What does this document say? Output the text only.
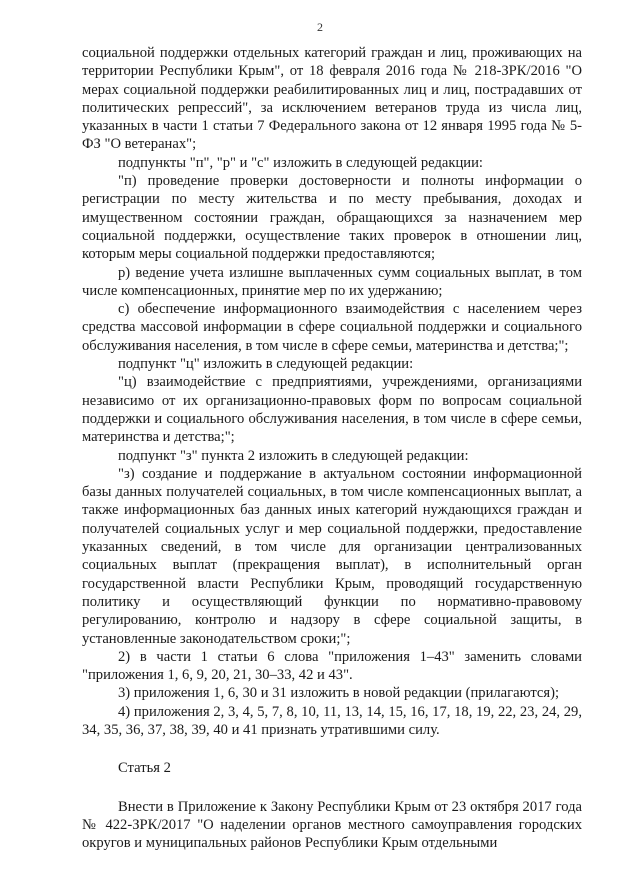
2

социальной поддержки отдельных категорий граждан и лиц, проживающих на территории Республики Крым", от 18 февраля 2016 года № 218-ЗРК/2016 "О мерах социальной поддержки реабилитированных лиц и лиц, пострадавших от политических репрессий", за исключением ветеранов труда из числа лиц, указанных в части 1 статьи 7 Федерального закона от 12 января 1995 года № 5-ФЗ "О ветеранах";

подпункты "п", "р" и "с" изложить в следующей редакции:

"п) проведение проверки достоверности и полноты информации о регистрации по месту жительства и по месту пребывания, доходах и имущественном состоянии граждан, обращающихся за назначением мер социальной поддержки, осуществление таких проверок в отношении лиц, которым меры социальной поддержки предоставляются;

р) ведение учета излишне выплаченных сумм социальных выплат, в том числе компенсационных, принятие мер по их удержанию;

с) обеспечение информационного взаимодействия с населением через средства массовой информации в сфере социальной поддержки и социального обслуживания населения, в том числе в сфере семьи, материнства и детства;";

подпункт "ц" изложить в следующей редакции:

"ц) взаимодействие с предприятиями, учреждениями, организациями независимо от их организационно-правовых форм по вопросам социальной поддержки и социального обслуживания населения, в том числе в сфере семьи, материнства и детства;";

подпункт "з" пункта 2 изложить в следующей редакции:

"з) создание и поддержание в актуальном состоянии информационной базы данных получателей социальных, в том числе компенсационных выплат, а также информационных баз данных иных категорий нуждающихся граждан и получателей социальных услуг и мер социальной поддержки, предоставление указанных сведений, в том числе для организации централизованных социальных выплат (прекращения выплат), в исполнительный орган государственной власти Республики Крым, проводящий государственную политику и осуществляющий функции по нормативно-правовому регулированию, контролю и надзору в сфере социальной защиты, в установленные законодательством сроки;";

2) в части 1 статьи 6 слова "приложения 1–43" заменить словами "приложения 1, 6, 9, 20, 21, 30–33, 42 и 43".

3) приложения 1, 6, 30 и 31 изложить в новой редакции (прилагаются);

4) приложения 2, 3, 4, 5, 7, 8, 10, 11, 13, 14, 15, 16, 17, 18, 19, 22, 23, 24, 29, 34, 35, 36, 37, 38, 39, 40 и 41 признать утратившими силу.

Статья 2

Внести в Приложение к Закону Республики Крым от 23 октября 2017 года № 422-ЗРК/2017 "О наделении органов местного самоуправления городских округов и муниципальных районов Республики Крым отдельными
